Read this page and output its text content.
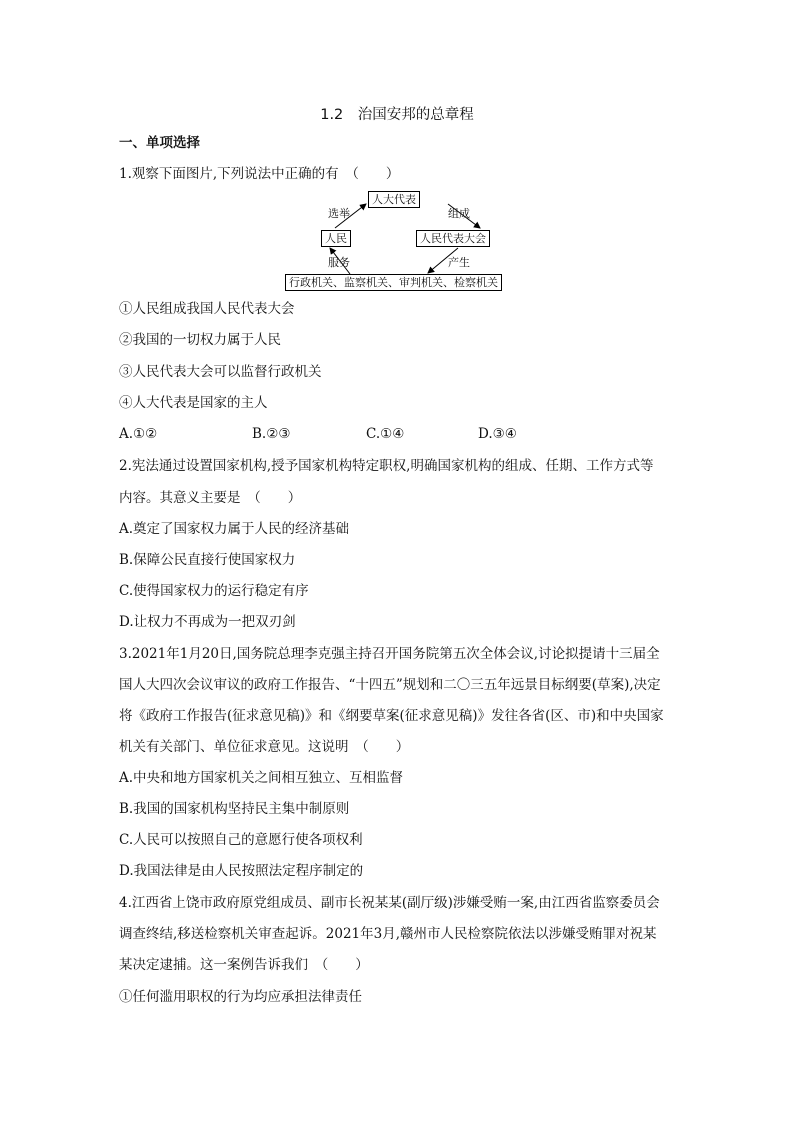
1.2　治国安邦的总章程
一、单项选择
1.观察下面图片,下列说法中正确的有　（　　）
人大代表
人民	人民代表大会
行政机关、监察机关、审判机关、检察机关
选举	组成
产生
服务
①人民组成我国人民代表大会
②我国的一切权力属于人民
③人民代表大会可以监督行政机关
④人大代表是国家的主人
A.①②	B.②③	C.①④	D.③④
2.宪法通过设置国家机构,授予国家机构特定职权,明确国家机构的组成、任期、工作方式等
内容。其意义主要是　（　　）
A.奠定了国家权力属于人民的经济基础
B.保障公民直接行使国家权力
C.使得国家权力的运行稳定有序
D.让权力不再成为一把双刃剑
3.2021年1月20日,国务院总理李克强主持召开国务院第五次全体会议,讨论拟提请十三届全
国人大四次会议审议的政府工作报告、“十四五”规划和二〇三五年远景目标纲要(草案),决定
将《政府工作报告(征求意见稿)》和《纲要草案(征求意见稿)》发往各省(区、市)和中央国家
机关有关部门、单位征求意见。这说明　（　　）
A.中央和地方国家机关之间相互独立、互相监督
B.我国的国家机构坚持民主集中制原则
C.人民可以按照自己的意愿行使各项权利
D.我国法律是由人民按照法定程序制定的
4.江西省上饶市政府原党组成员、副市长祝某某(副厅级)涉嫌受贿一案,由江西省监察委员会
调查终结,移送检察机关审查起诉。2021年3月,赣州市人民检察院依法以涉嫌受贿罪对祝某
某决定逮捕。这一案例告诉我们　（　　）
①任何滥用职权的行为均应承担法律责任
